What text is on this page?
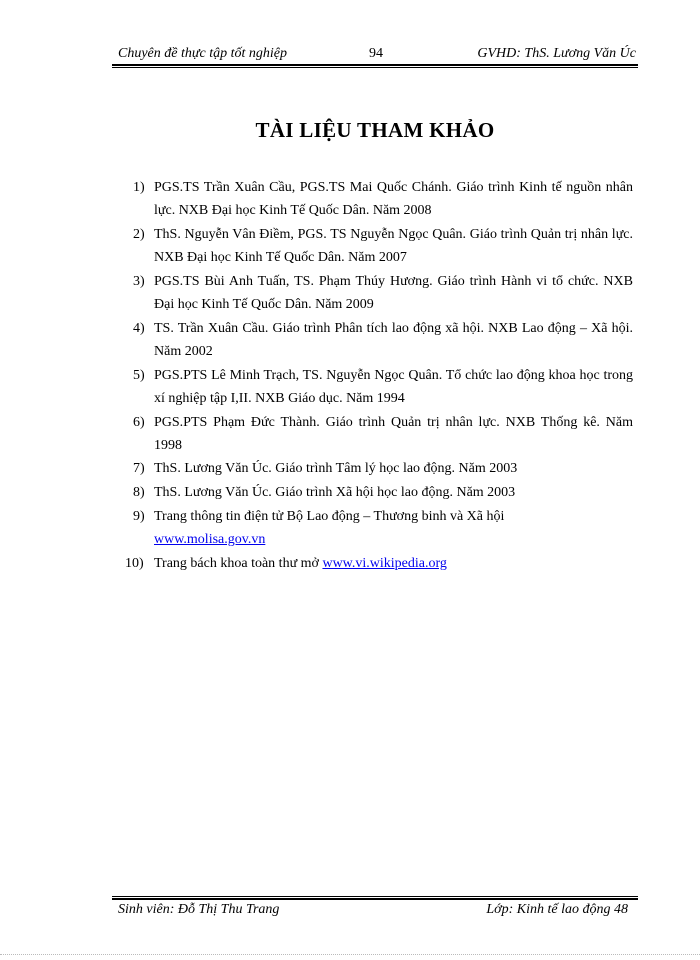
Chuyên đề thực tập tốt nghiệp	94	GVHD: ThS. Lương Văn Úc
TÀI LIỆU THAM KHẢO
1) PGS.TS Trần Xuân Cầu, PGS.TS Mai Quốc Chánh. Giáo trình Kinh tế nguồn nhân lực. NXB Đại học Kinh Tế Quốc Dân. Năm 2008
2) ThS. Nguyễn Vân Điềm, PGS. TS Nguyễn Ngọc Quân. Giáo trình Quản trị nhân lực. NXB Đại học Kinh Tế Quốc Dân. Năm 2007
3) PGS.TS Bùi Anh Tuấn, TS. Phạm Thúy Hương. Giáo trình Hành vi tổ chức. NXB Đại học Kinh Tế Quốc Dân. Năm 2009
4) TS. Trần Xuân Cầu. Giáo trình Phân tích lao động xã hội. NXB Lao động – Xã hội. Năm 2002
5) PGS.PTS Lê Minh Trạch, TS. Nguyễn Ngọc Quân. Tổ chức lao động khoa học trong xí nghiệp tập I,II. NXB Giáo dục. Năm 1994
6) PGS.PTS Phạm Đức Thành. Giáo trình Quản trị nhân lực. NXB Thống kê. Năm 1998
7) ThS. Lương Văn Úc. Giáo trình Tâm lý học lao động. Năm 2003
8) ThS. Lương Văn Úc. Giáo trình Xã hội học lao động. Năm 2003
9) Trang thông tin điện tử Bộ Lao động – Thương binh và Xã hội
www.molisa.gov.vn
10) Trang bách khoa toàn thư mở www.vi.wikipedia.org
Sinh viên: Đỗ Thị Thu Trang	Lớp: Kinh tế lao động 48
